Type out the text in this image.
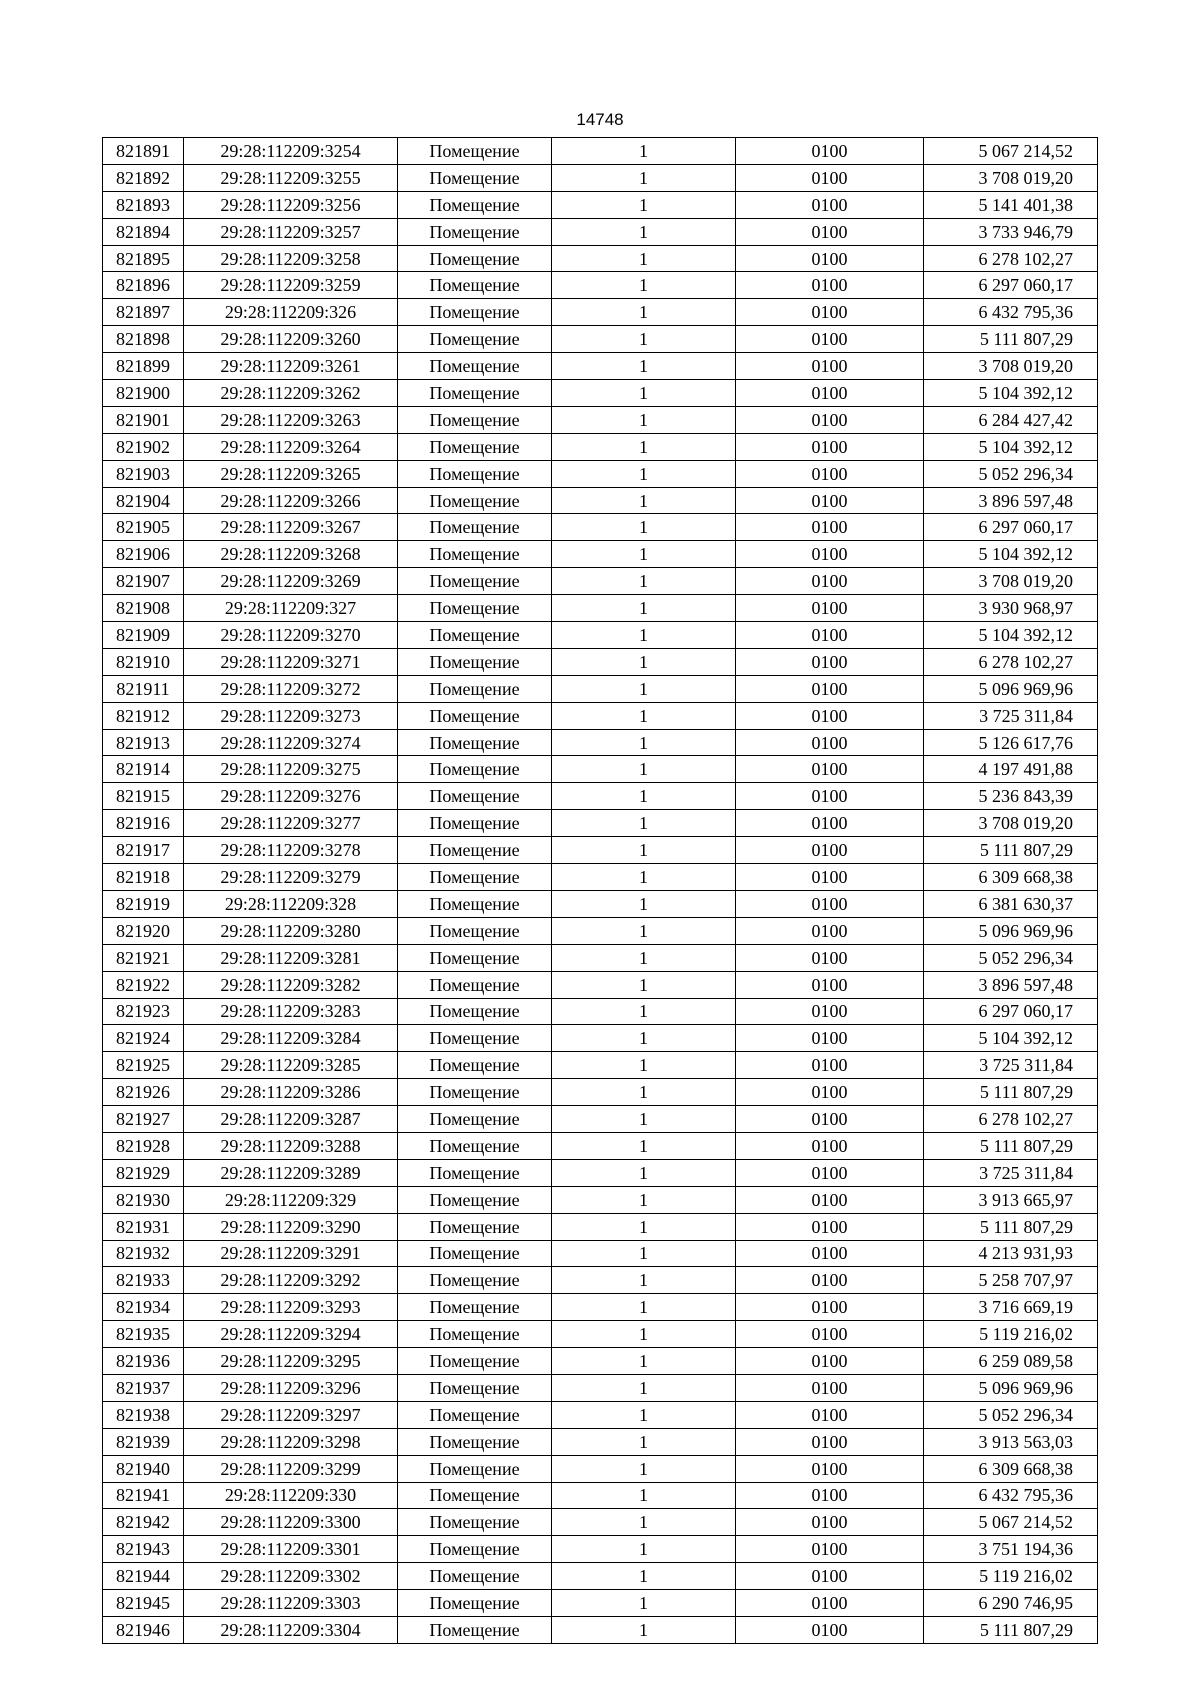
14748
821891	29:28:112209:3254	Помещение	1	0100	5 067 214,52
821892	29:28:112209:3255	Помещение	1	0100	3 708 019,20
821893	29:28:112209:3256	Помещение	1	0100	5 141 401,38
821894	29:28:112209:3257	Помещение	1	0100	3 733 946,79
821895	29:28:112209:3258	Помещение	1	0100	6 278 102,27
821896	29:28:112209:3259	Помещение	1	0100	6 297 060,17
821897	29:28:112209:326	Помещение	1	0100	6 432 795,36
821898	29:28:112209:3260	Помещение	1	0100	5 111 807,29
821899	29:28:112209:3261	Помещение	1	0100	3 708 019,20
821900	29:28:112209:3262	Помещение	1	0100	5 104 392,12
821901	29:28:112209:3263	Помещение	1	0100	6 284 427,42
821902	29:28:112209:3264	Помещение	1	0100	5 104 392,12
821903	29:28:112209:3265	Помещение	1	0100	5 052 296,34
821904	29:28:112209:3266	Помещение	1	0100	3 896 597,48
821905	29:28:112209:3267	Помещение	1	0100	6 297 060,17
821906	29:28:112209:3268	Помещение	1	0100	5 104 392,12
821907	29:28:112209:3269	Помещение	1	0100	3 708 019,20
821908	29:28:112209:327	Помещение	1	0100	3 930 968,97
821909	29:28:112209:3270	Помещение	1	0100	5 104 392,12
821910	29:28:112209:3271	Помещение	1	0100	6 278 102,27
821911	29:28:112209:3272	Помещение	1	0100	5 096 969,96
821912	29:28:112209:3273	Помещение	1	0100	3 725 311,84
821913	29:28:112209:3274	Помещение	1	0100	5 126 617,76
821914	29:28:112209:3275	Помещение	1	0100	4 197 491,88
821915	29:28:112209:3276	Помещение	1	0100	5 236 843,39
821916	29:28:112209:3277	Помещение	1	0100	3 708 019,20
821917	29:28:112209:3278	Помещение	1	0100	5 111 807,29
821918	29:28:112209:3279	Помещение	1	0100	6 309 668,38
821919	29:28:112209:328	Помещение	1	0100	6 381 630,37
821920	29:28:112209:3280	Помещение	1	0100	5 096 969,96
821921	29:28:112209:3281	Помещение	1	0100	5 052 296,34
821922	29:28:112209:3282	Помещение	1	0100	3 896 597,48
821923	29:28:112209:3283	Помещение	1	0100	6 297 060,17
821924	29:28:112209:3284	Помещение	1	0100	5 104 392,12
821925	29:28:112209:3285	Помещение	1	0100	3 725 311,84
821926	29:28:112209:3286	Помещение	1	0100	5 111 807,29
821927	29:28:112209:3287	Помещение	1	0100	6 278 102,27
821928	29:28:112209:3288	Помещение	1	0100	5 111 807,29
821929	29:28:112209:3289	Помещение	1	0100	3 725 311,84
821930	29:28:112209:329	Помещение	1	0100	3 913 665,97
821931	29:28:112209:3290	Помещение	1	0100	5 111 807,29
821932	29:28:112209:3291	Помещение	1	0100	4 213 931,93
821933	29:28:112209:3292	Помещение	1	0100	5 258 707,97
821934	29:28:112209:3293	Помещение	1	0100	3 716 669,19
821935	29:28:112209:3294	Помещение	1	0100	5 119 216,02
821936	29:28:112209:3295	Помещение	1	0100	6 259 089,58
821937	29:28:112209:3296	Помещение	1	0100	5 096 969,96
821938	29:28:112209:3297	Помещение	1	0100	5 052 296,34
821939	29:28:112209:3298	Помещение	1	0100	3 913 563,03
821940	29:28:112209:3299	Помещение	1	0100	6 309 668,38
821941	29:28:112209:330	Помещение	1	0100	6 432 795,36
821942	29:28:112209:3300	Помещение	1	0100	5 067 214,52
821943	29:28:112209:3301	Помещение	1	0100	3 751 194,36
821944	29:28:112209:3302	Помещение	1	0100	5 119 216,02
821945	29:28:112209:3303	Помещение	1	0100	6 290 746,95
821946	29:28:112209:3304	Помещение	1	0100	5 111 807,29
